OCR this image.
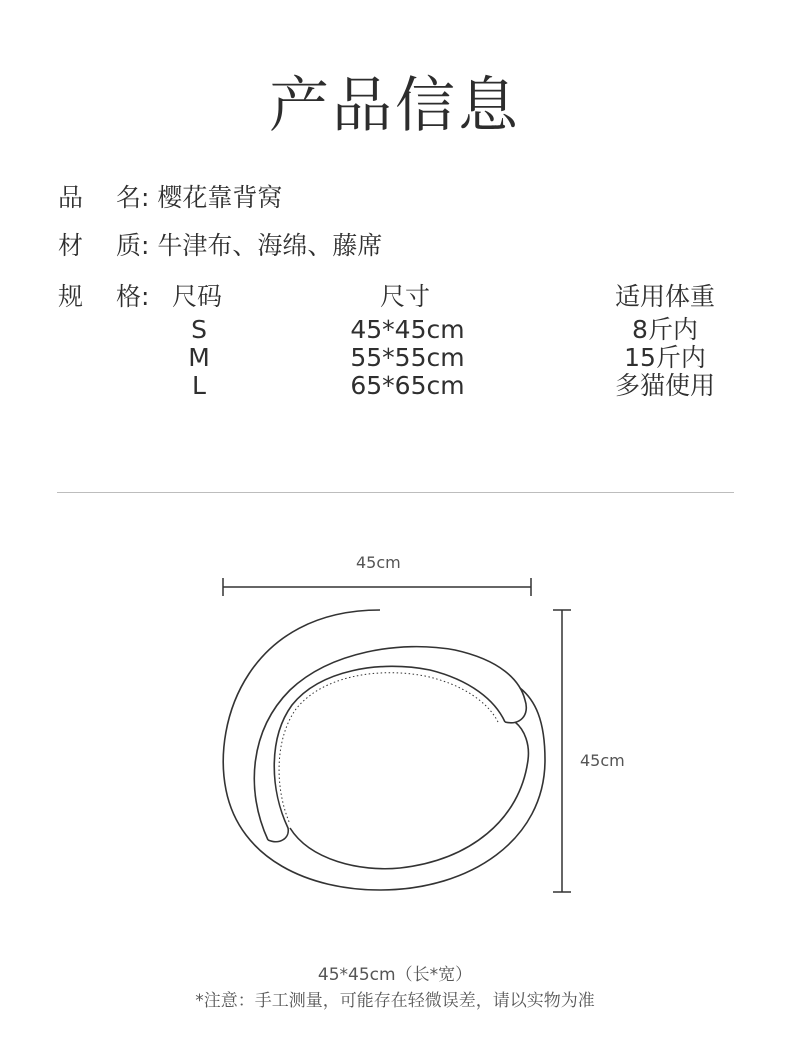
产品信息
品 名: 樱花靠背窝
材 质: 牛津布、海绵、藤席
规 格: 尺码	尺寸	适用体重
S	45*45cm	8斤内
M	55*55cm	15斤内
L	65*65cm	多猫使用
45cm
45cm
45*45cm（长*宽）
*注意：手工测量，可能存在轻微误差，请以实物为准
